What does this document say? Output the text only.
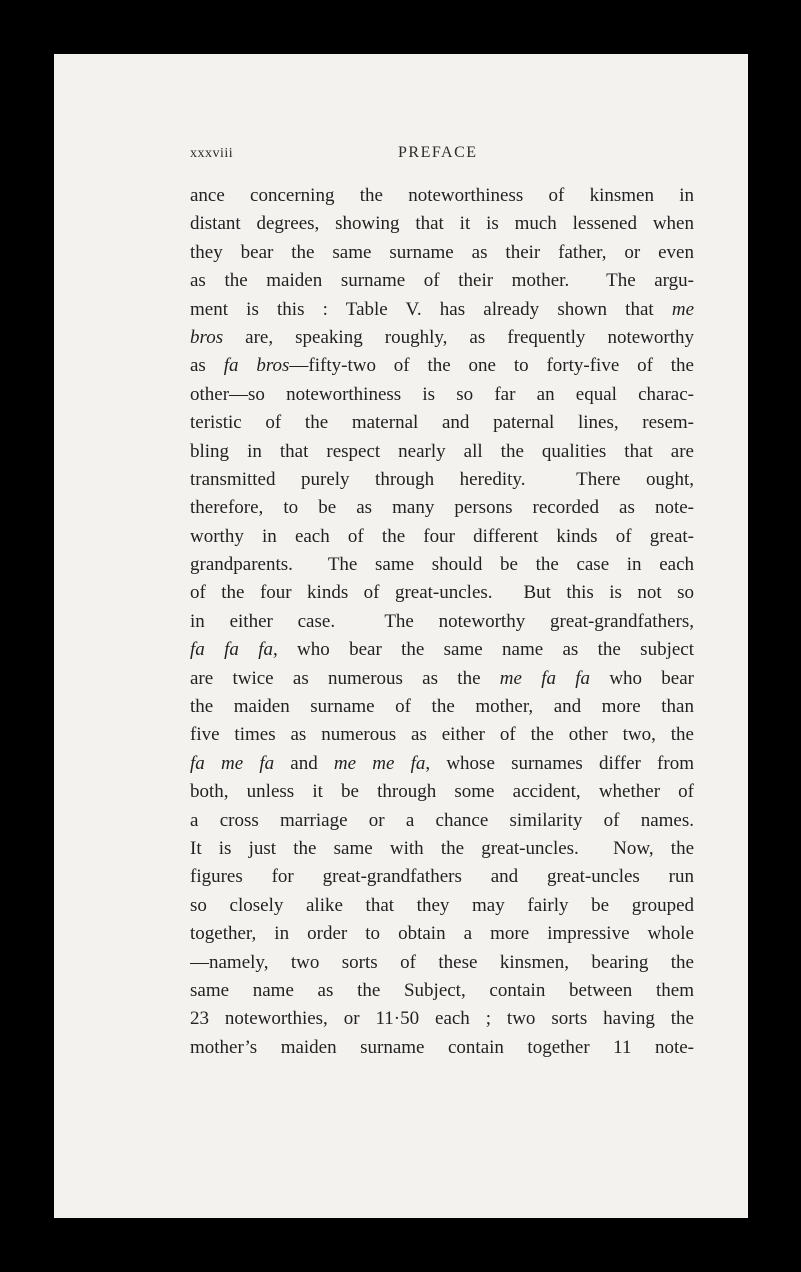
xxxviii	PREFACE
ance concerning the noteworthiness of kinsmen in
distant degrees, showing that it is much lessened when
they bear the same surname as their father, or even
as the maiden surname of their mother.  The argu-
ment is this : Table V. has already shown that me
bros are, speaking roughly, as frequently noteworthy
as fa bros—fifty-two of the one to forty-five of the
other—so noteworthiness is so far an equal charac-
teristic of the maternal and paternal lines, resem-
bling in that respect nearly all the qualities that are
transmitted purely through heredity.  There ought,
therefore, to be as many persons recorded as note-
worthy in each of the four different kinds of great-
grandparents.  The same should be the case in each
of the four kinds of great-uncles.  But this is not so
in either case.  The noteworthy great-grandfathers,
fa fa fa, who bear the same name as the subject
are twice as numerous as the me fa fa who bear
the maiden surname of the mother, and more than
five times as numerous as either of the other two, the
fa me fa and me me fa, whose surnames differ from
both, unless it be through some accident, whether of
a cross marriage or a chance similarity of names.
It is just the same with the great-uncles.  Now, the
figures for great-grandfathers and great-uncles run
so closely alike that they may fairly be grouped
together, in order to obtain a more impressive whole
—namely, two sorts of these kinsmen, bearing the
same name as the Subject, contain between them
23 noteworthies, or 11·50 each ; two sorts having the
mother’s maiden surname contain together 11 note-
